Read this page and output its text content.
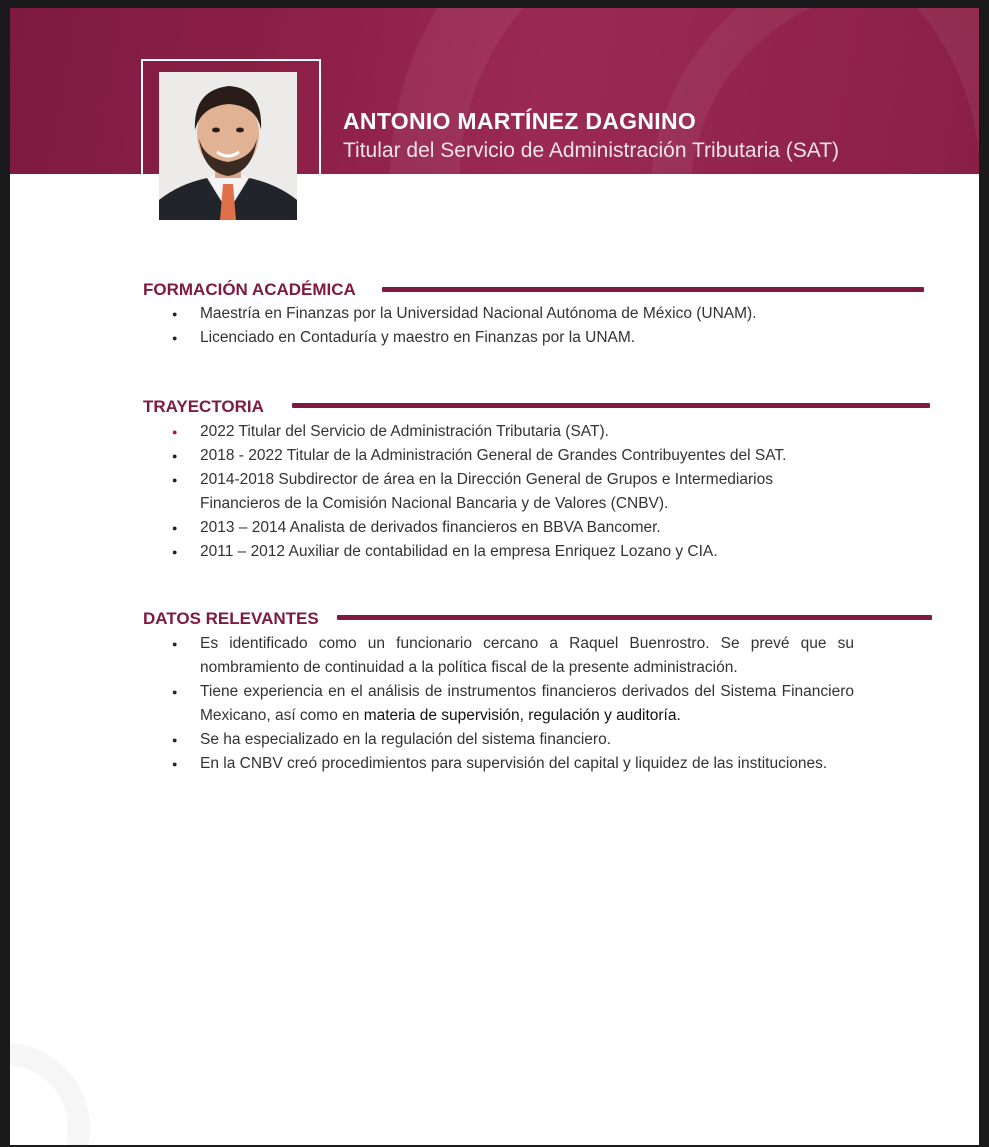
ANTONIO MARTÍNEZ DAGNINO
Titular del Servicio de Administración Tributaria (SAT)
FORMACIÓN ACADÉMICA
● Maestría en Finanzas por la Universidad Nacional Autónoma de México (UNAM).
● Licenciado en Contaduría y maestro en Finanzas por la UNAM.
TRAYECTORIA
● 2022 Titular del Servicio de Administración Tributaria (SAT).
● 2018 - 2022 Titular de la Administración General de Grandes Contribuyentes del SAT.
● 2014-2018 Subdirector de área en la Dirección General de Grupos e Intermediarios Financieros de la Comisión Nacional Bancaria y de Valores (CNBV).
● 2013 – 2014 Analista de derivados financieros en BBVA Bancomer.
● 2011 – 2012 Auxiliar de contabilidad en la empresa Enriquez Lozano y CIA.
DATOS RELEVANTES
● Es identificado como un funcionario cercano a Raquel Buenrostro. Se prevé que su nombramiento de continuidad a la política fiscal de la presente administración.
● Tiene experiencia en el análisis de instrumentos financieros derivados del Sistema Financiero Mexicano, así como en materia de supervisión, regulación y auditoría.
● Se ha especializado en la regulación del sistema financiero.
● En la CNBV creó procedimientos para supervisión del capital y liquidez de las instituciones.
